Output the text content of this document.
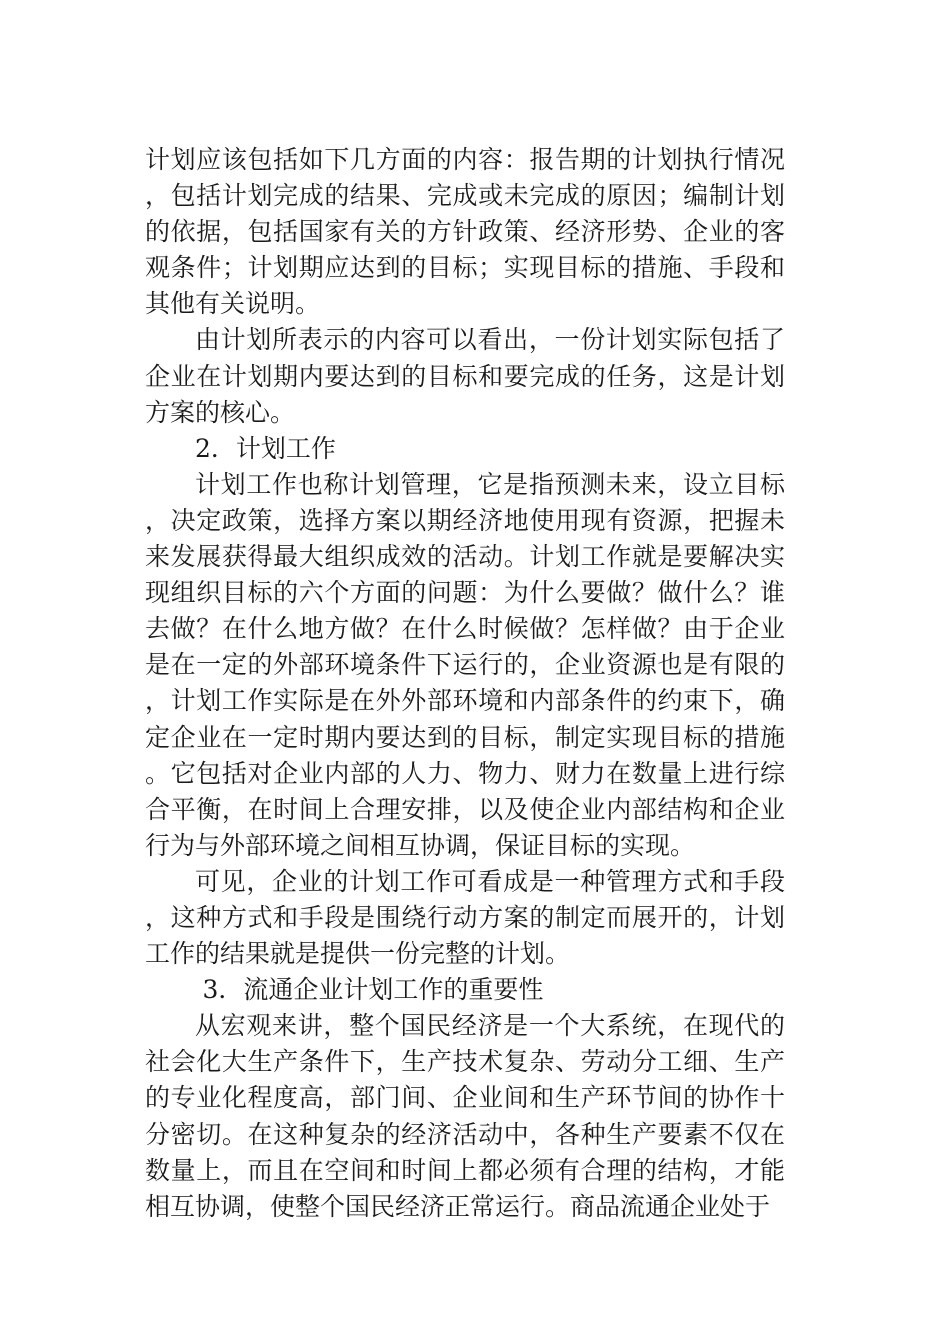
计划应该包括如下几方面的内容：报告期的计划执行情况，包括计划完成的结果、完成或未完成的原因；编制计划的依据，包括国家有关的方针政策、经济形势、企业的客观条件；计划期应达到的目标；实现目标的措施、手段和其他有关说明。

由计划所表示的内容可以看出，一份计划实际包括了企业在计划期内要达到的目标和要完成的任务，这是计划方案的核心。

2．计划工作

计划工作也称计划管理，它是指预测未来，设立目标，决定政策，选择方案以期经济地使用现有资源，把握未来发展获得最大组织成效的活动。计划工作就是要解决实现组织目标的六个方面的问题：为什么要做？做什么？谁去做？在什么地方做？在什么时候做？怎样做？由于企业是在一定的外部环境条件下运行的，企业资源也是有限的，计划工作实际是在外外部环境和内部条件的约束下，确定企业在一定时期内要达到的目标，制定实现目标的措施。它包括对企业内部的人力、物力、财力在数量上进行综合平衡，在时间上合理安排，以及使企业内部结构和企业行为与外部环境之间相互协调，保证目标的实现。

可见，企业的计划工作可看成是一种管理方式和手段，这种方式和手段是围绕行动方案的制定而展开的，计划工作的结果就是提供一份完整的计划。

3．流通企业计划工作的重要性

从宏观来讲，整个国民经济是一个大系统，在现代的社会化大生产条件下，生产技术复杂、劳动分工细、生产的专业化程度高，部门间、企业间和生产环节间的协作十分密切。在这种复杂的经济活动中，各种生产要素不仅在数量上，而且在空间和时间上都必须有合理的结构，才能相互协调，使整个国民经济正常运行。商品流通企业处于
